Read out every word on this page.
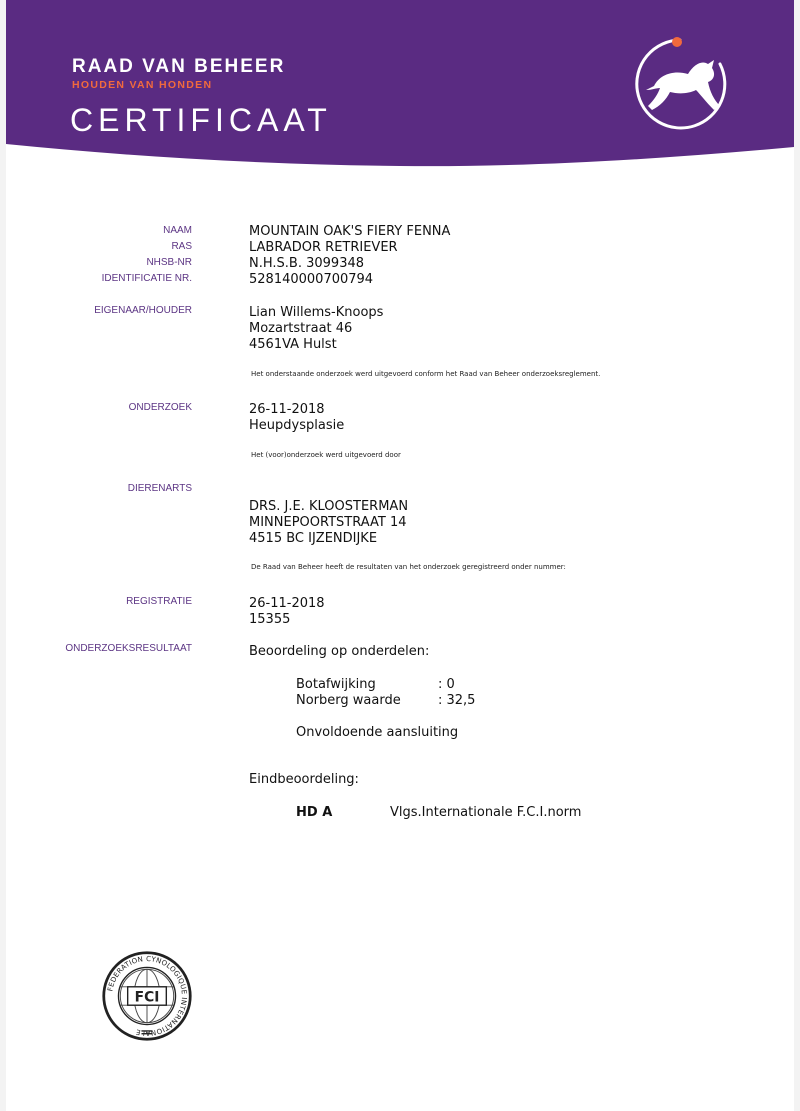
RAAD VAN BEHEER
HOUDEN VAN HONDEN
CERTIFICAAT
NAAM	MOUNTAIN OAK'S FIERY FENNA
RAS	LABRADOR RETRIEVER
NHSB-NR	N.H.S.B. 3099348
IDENTIFICATIE NR.	528140000700794
EIGENAAR/HOUDER	Lian Willems-Knoops
Mozartstraat 46
4561VA Hulst
Het onderstaande onderzoek werd uitgevoerd conform het Raad van Beheer onderzoeksreglement.
ONDERZOEK	26-11-2018
Heupdysplasie
Het (voor)onderzoek werd uitgevoerd door
DIERENARTS
DRS. J.E. KLOOSTERMAN
MINNEPOORTSTRAAT 14
4515 BC IJZENDIJKE
De Raad van Beheer heeft de resultaten van het onderzoek geregistreerd onder nummer:
REGISTRATIE	26-11-2018
15355
ONDERZOEKSRESULTAAT	Beoordeling op onderdelen:
Botafwijking	: 0
Norberg waarde	: 32,5
Onvoldoende aansluiting
Eindbeoordeling:
HD A	Vlgs.Internationale F.C.I.norm
FEDERATION CYNOLOGIQUE INTERNATIONALE
FCI
